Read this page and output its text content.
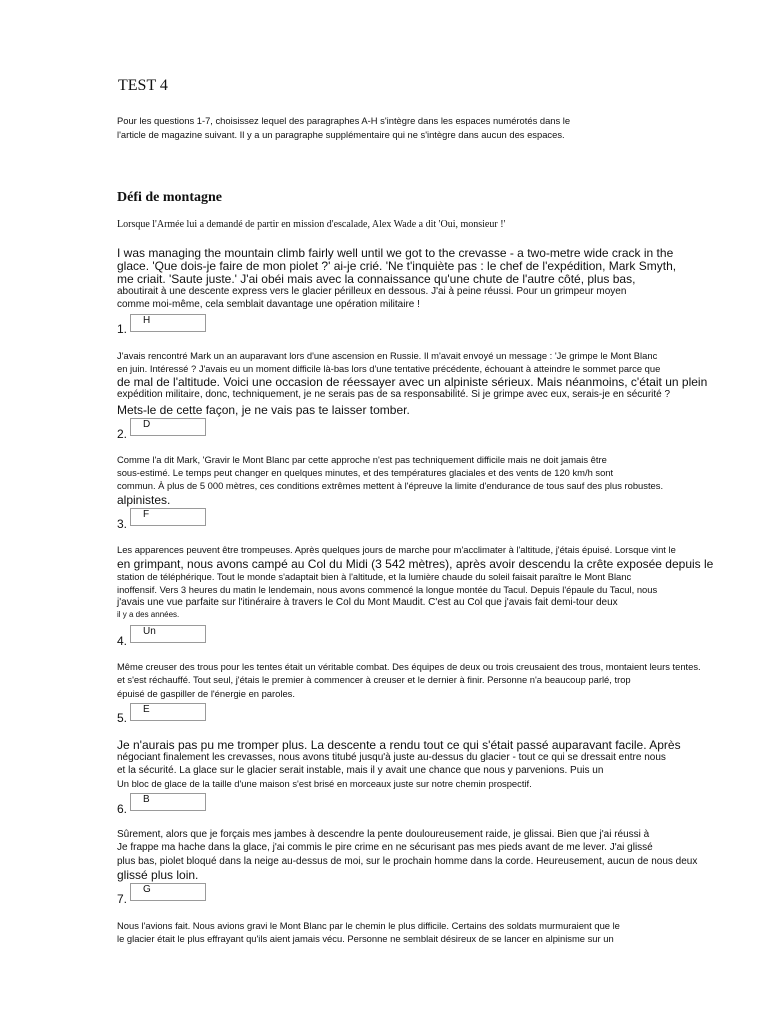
TEST 4
Pour les questions 1-7, choisissez lequel des paragraphes A-H s'intègre dans les espaces numérotés dans le
l'article de magazine suivant. Il y a un paragraphe supplémentaire qui ne s'intègre dans aucun des espaces.
Défi de montagne
Lorsque l'Armée lui a demandé de partir en mission d'escalade, Alex Wade a dit 'Oui, monsieur !'
I was managing the mountain climb fairly well until we got to the crevasse - a two-metre wide crack in the
glace. 'Que dois-je faire de mon piolet ?' ai-je crié. 'Ne t'inquiète pas : le chef de l'expédition, Mark Smyth,
me criait. 'Saute juste.' J'ai obéi mais avec la connaissance qu'une chute de l'autre côté, plus bas,
aboutirait à une descente express vers le glacier périlleux en dessous. J'ai à peine réussi. Pour un grimpeur moyen
comme moi-même, cela semblait davantage une opération militaire !
1.
H
J'avais rencontré Mark un an auparavant lors d'une ascension en Russie. Il m'avait envoyé un message : 'Je grimpe le Mont Blanc
en juin. Intéressé ? J'avais eu un moment difficile là-bas lors d'une tentative précédente, échouant à atteindre le sommet parce que
de mal de l'altitude. Voici une occasion de réessayer avec un alpiniste sérieux. Mais néanmoins, c'était un plein
expédition militaire, donc, techniquement, je ne serais pas de sa responsabilité. Si je grimpe avec eux, serais-je en sécurité ?
Mets-le de cette façon, je ne vais pas te laisser tomber.
2.
D
Comme l'a dit Mark, 'Gravir le Mont Blanc par cette approche n'est pas techniquement difficile mais ne doit jamais être
sous-estimé. Le temps peut changer en quelques minutes, et des températures glaciales et des vents de 120 km/h sont
commun. À plus de 5 000 mètres, ces conditions extrêmes mettent à l'épreuve la limite d'endurance de tous sauf des plus robustes.
alpinistes.
3.
F
Les apparences peuvent être trompeuses. Après quelques jours de marche pour m'acclimater à l'altitude, j'étais épuisé. Lorsque vint le
en grimpant, nous avons campé au Col du Midi (3 542 mètres), après avoir descendu la crête exposée depuis le
station de téléphérique. Tout le monde s'adaptait bien à l'altitude, et la lumière chaude du soleil faisait paraître le Mont Blanc
inoffensif. Vers 3 heures du matin le lendemain, nous avons commencé la longue montée du Tacul. Depuis l'épaule du Tacul, nous
j'avais une vue parfaite sur l'itinéraire à travers le Col du Mont Maudit. C'est au Col que j'avais fait demi-tour deux
il y a des années.
4.
Un
Même creuser des trous pour les tentes était un véritable combat. Des équipes de deux ou trois creusaient des trous, montaient leurs tentes.
et s'est réchauffé. Tout seul, j'étais le premier à commencer à creuser et le dernier à finir. Personne n'a beaucoup parlé, trop
épuisé de gaspiller de l'énergie en paroles.
5.
E
Je n'aurais pas pu me tromper plus. La descente a rendu tout ce qui s'était passé auparavant facile. Après
négociant finalement les crevasses, nous avons titubé jusqu'à juste au-dessus du glacier - tout ce qui se dressait entre nous
et la sécurité. La glace sur le glacier serait instable, mais il y avait une chance que nous y parvenions. Puis un
Un bloc de glace de la taille d'une maison s'est brisé en morceaux juste sur notre chemin prospectif.
6.
B
Sûrement, alors que je forçais mes jambes à descendre la pente douloureusement raide, je glissai. Bien que j'ai réussi à
Je frappe ma hache dans la glace, j'ai commis le pire crime en ne sécurisant pas mes pieds avant de me lever. J'ai glissé
plus bas, piolet bloqué dans la neige au-dessus de moi, sur le prochain homme dans la corde. Heureusement, aucun de nous deux
glissé plus loin.
7.
G
Nous l'avions fait. Nous avions gravi le Mont Blanc par le chemin le plus difficile. Certains des soldats murmuraient que le
le glacier était le plus effrayant qu'ils aient jamais vécu. Personne ne semblait désireux de se lancer en alpinisme sur un
